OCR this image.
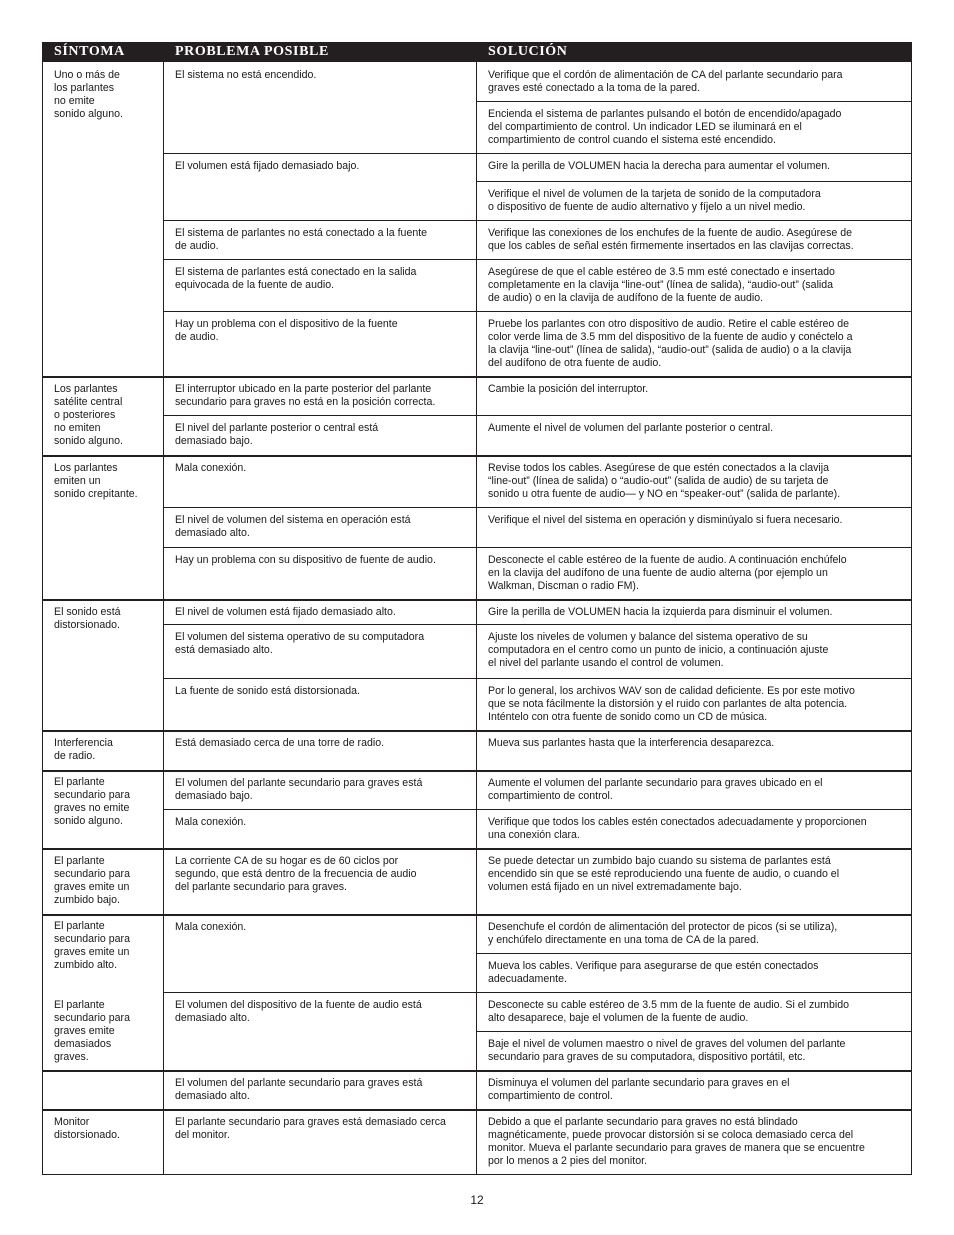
SÍNTOMA	PROBLEMA POSIBLE	SOLUCIÓN
Uno o más de
los parlantes
no emite
sonido alguno.
Los parlantes
satélite central
o posteriores
no emiten
sonido alguno.
Los parlantes
emiten un
sonido crepitante.
El sonido está
distorsionado.
Interferencia
de radio.
El parlante
secundario para
graves no emite
sonido alguno.
El parlante
secundario para
graves emite un
zumbido bajo.
El parlante
secundario para
graves emite un
zumbido alto.
El parlante
secundario para
graves emite
demasiados
graves.
Monitor
distorsionado.
El sistema no está encendido.
El volumen está fijado demasiado bajo.
El sistema de parlantes no está conectado a la fuente
de audio.
El sistema de parlantes está conectado en la salida
equivocada de la fuente de audio.
Hay un problema con el dispositivo de la fuente
de audio.
El interruptor ubicado en la parte posterior del parlante
secundario para graves no está en la posición correcta.
El nivel del parlante posterior o central está
demasiado bajo.
Mala conexión.
El nivel de volumen del sistema en operación está
demasiado alto.
Hay un problema con su dispositivo de fuente de audio.
El nivel de volumen está fijado demasiado alto.
El volumen del sistema operativo de su computadora
está demasiado alto.
La fuente de sonido está distorsionada.
Está demasiado cerca de una torre de radio.
El volumen del parlante secundario para graves está
demasiado bajo.
Mala conexión.
La corriente CA de su hogar es de 60 ciclos por
segundo, que está dentro de la frecuencia de audio
del parlante secundario para graves.
Mala conexión.
El volumen del dispositivo de la fuente de audio está
demasiado alto.
El volumen del parlante secundario para graves está
demasiado alto.
El parlante secundario para graves está demasiado cerca
del monitor.
Verifique que el cordón de alimentación de CA del parlante secundario para
graves esté conectado a la toma de la pared.
Encienda el sistema de parlantes pulsando el botón de encendido/apagado
del compartimiento de control. Un indicador LED se iluminará en el
compartimiento de control cuando el sistema esté encendido.
Gire la perilla de VOLUMEN hacia la derecha para aumentar el volumen.
Verifique el nivel de volumen de la tarjeta de sonido de la computadora
o dispositivo de fuente de audio alternativo y fíjelo a un nivel medio.
Verifique las conexiones de los enchufes de la fuente de audio. Asegúrese de
que los cables de señal estén firmemente insertados en las clavijas correctas.
Asegúrese de que el cable estéreo de 3.5 mm esté conectado e insertado
completamente en la clavija “line-out” (línea de salida), “audio-out” (salida
de audio) o en la clavija de audífono de la fuente de audio.
Pruebe los parlantes con otro dispositivo de audio. Retire el cable estéreo de
color verde lima de 3.5 mm del dispositivo de la fuente de audio y conéctelo a
la clavija “line-out” (línea de salida), “audio-out” (salida de audio) o a la clavija
del audífono de otra fuente de audio.
Cambie la posición del interruptor.
Aumente el nivel de volumen del parlante posterior o central.
Revise todos los cables. Asegúrese de que estén conectados a la clavija
“line-out” (línea de salida) o “audio-out” (salida de audio) de su tarjeta de
sonido u otra fuente de audio— y NO en “speaker-out” (salida de parlante).
Verifique el nivel del sistema en operación y disminúyalo si fuera necesario.
Desconecte el cable estéreo de la fuente de audio. A continuación enchúfelo
en la clavija del audífono de una fuente de audio alterna (por ejemplo un
Walkman, Discman o radio FM).
Gire la perilla de VOLUMEN hacia la izquierda para disminuir el volumen.
Ajuste los niveles de volumen y balance del sistema operativo de su
computadora en el centro como un punto de inicio, a continuación ajuste
el nivel del parlante usando el control de volumen.
Por lo general, los archivos WAV son de calidad deficiente. Es por este motivo
que se nota fácilmente la distorsión y el ruido con parlantes de alta potencia.
Inténtelo con otra fuente de sonido como un CD de música.
Mueva sus parlantes hasta que la interferencia desaparezca.
Aumente el volumen del parlante secundario para graves ubicado en el
compartimiento de control.
Verifique que todos los cables estén conectados adecuadamente y proporcionen
una conexión clara.
Se puede detectar un zumbido bajo cuando su sistema de parlantes está
encendido sin que se esté reproduciendo una fuente de audio, o cuando el
volumen está fijado en un nivel extremadamente bajo.
Desenchufe el cordón de alimentación del protector de picos (si se utiliza),
y enchúfelo directamente en una toma de CA de la pared.
Mueva los cables. Verifique para asegurarse de que estén conectados
adecuadamente.
Desconecte su cable estéreo de 3.5 mm de la fuente de audio. Si el zumbido
alto desaparece, baje el volumen de la fuente de audio.
Baje el nivel de volumen maestro o nivel de graves del volumen del parlante
secundario para graves de su computadora, dispositivo portátil, etc.
Disminuya el volumen del parlante secundario para graves en el
compartimiento de control.
Debido a que el parlante secundario para graves no está blindado
magnéticamente, puede provocar distorsión si se coloca demasiado cerca del
monitor. Mueva el parlante secundario para graves de manera que se encuentre
por lo menos a 2 pies del monitor.
12
